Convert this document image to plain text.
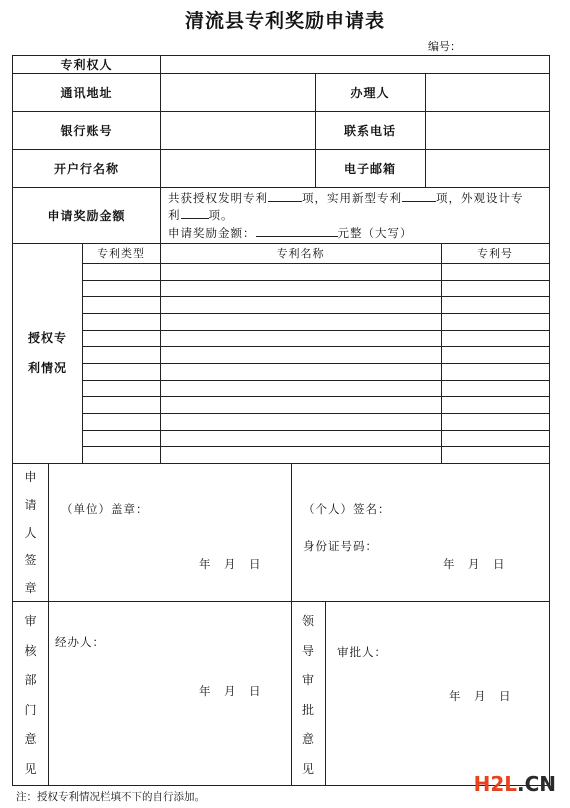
清流县专利奖励申请表
编号：
专利权人
通讯地址	办理人
银行账号	联系电话
开户行名称	电子邮箱
申请奖励金额
共获授权发明专利	项，实用新型专利	项，外观设计专
利 项。
申请奖励金额：	元整（大写）
授权专
利情况
专利类型	专利名称	专利号
申
请
人
签
章
（单位）盖章：
年　月　日
（个人）签名：
身份证号码：
年　月　日
审
核
部
门
意
见
经办人：
年　月　日
领
导
审
批
意
见
审批人：
年　月　日
注：授权专利情况栏填不下的自行添加。
H2L.CN
